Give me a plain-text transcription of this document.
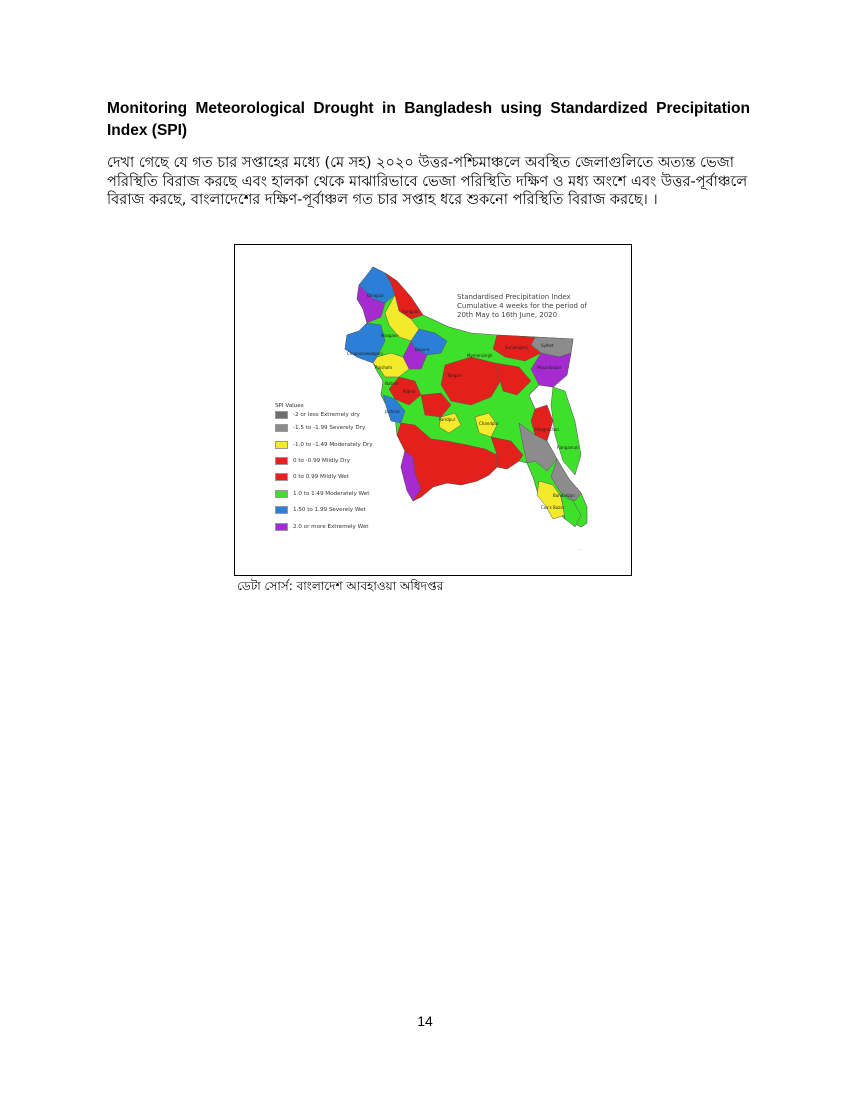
Monitoring Meteorological Drought in Bangladesh using Standardized Precipitation Index (SPI)
দেখা গেছে যে গত চার সপ্তাহের মধ্যে (মে সহ) ২০২০ উত্তর-পশ্চিমাঞ্চলে অবস্থিত জেলাগুলিতে অত্যন্ত ভেজা পরিস্থিতি বিরাজ করছে এবং হালকা থেকে মাঝারিভাবে ভেজা পরিস্থিতি দক্ষিণ ও মধ্য অংশে এবং উত্তর-পূর্বাঞ্চলে বিরাজ করছে, বাংলাদেশের দক্ষিণ-পূর্বাঞ্চল গত চার সপ্তাহ ধরে শুকনো পরিস্থিতি বিরাজ করছে। ।
Sylhet
Rangpur
Rajshahi
Chapainawabganj
Bogura
Mymensingh
Faridpur
Chandpur
Khagrachari
Bandarban
Cox's Bazar
Dinajpur
Naogaon
Tangail
Pabna
Natore
Sunamganj
Moulvibazar
Rangamati
Jashore
·
Standardised Precipitation Index
Cumulative 4 weeks for the period of
20th May to 16th June, 2020
SPI Values
-2 or less Extremely dry
-1.5 to -1.99 Severely Dry
-1.0 to -1.49 Moderately Dry
0 to -0.99 Mildly Dry
0 to 0.99 Mildly Wet
1.0 to 1.49 Moderately Wet
1.50 to 1.99 Severely Wet
2.0 or more Extremely Wet
ডেটা সোর্স: বাংলাদেশ আবহাওয়া অধিদপ্তর
14
